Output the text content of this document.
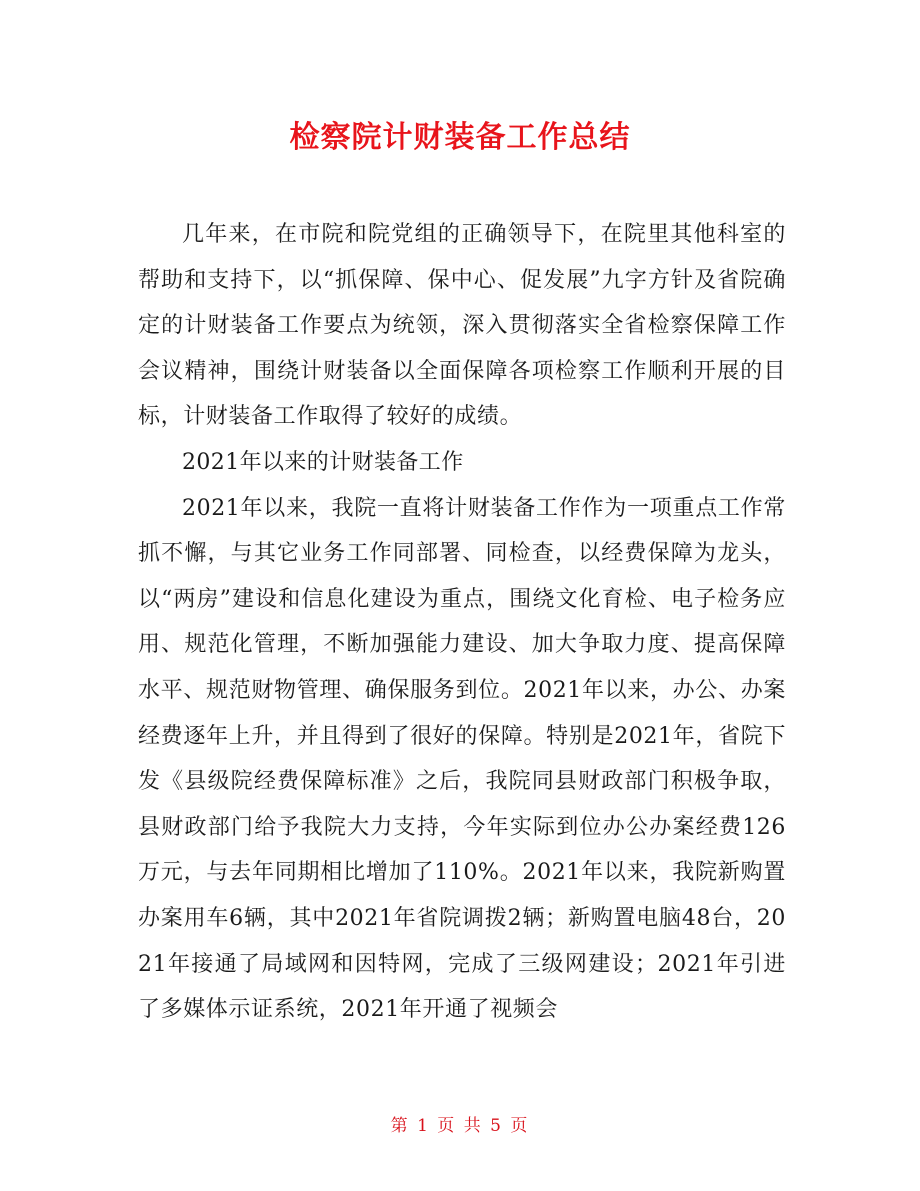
检察院计财装备工作总结

几年来，在市院和院党组的正确领导下，在院里其他科室的帮助和支持下，以“抓保障、保中心、促发展”九字方针及省院确定的计财装备工作要点为统领，深入贯彻落实全省检察保障工作会议精神，围绕计财装备以全面保障各项检察工作顺利开展的目标，计财装备工作取得了较好的成绩。

2021年以来的计财装备工作

2021年以来，我院一直将计财装备工作作为一项重点工作常抓不懈，与其它业务工作同部署、同检查，以经费保障为龙头，以“两房”建设和信息化建设为重点，围绕文化育检、电子检务应用、规范化管理，不断加强能力建设、加大争取力度、提高保障水平、规范财物管理、确保服务到位。2021年以来，办公、办案经费逐年上升，并且得到了很好的保障。特别是2021年，省院下发《县级院经费保障标准》之后，我院同县财政部门积极争取，县财政部门给予我院大力支持，今年实际到位办公办案经费126万元，与去年同期相比增加了110%。2021年以来，我院新购置办案用车6辆，其中2021年省院调拨2辆；新购置电脑48台，2021年接通了局域网和因特网，完成了三级网建设；2021年引进了多媒体示证系统，2021年开通了视频会

第 1 页 共 5 页
